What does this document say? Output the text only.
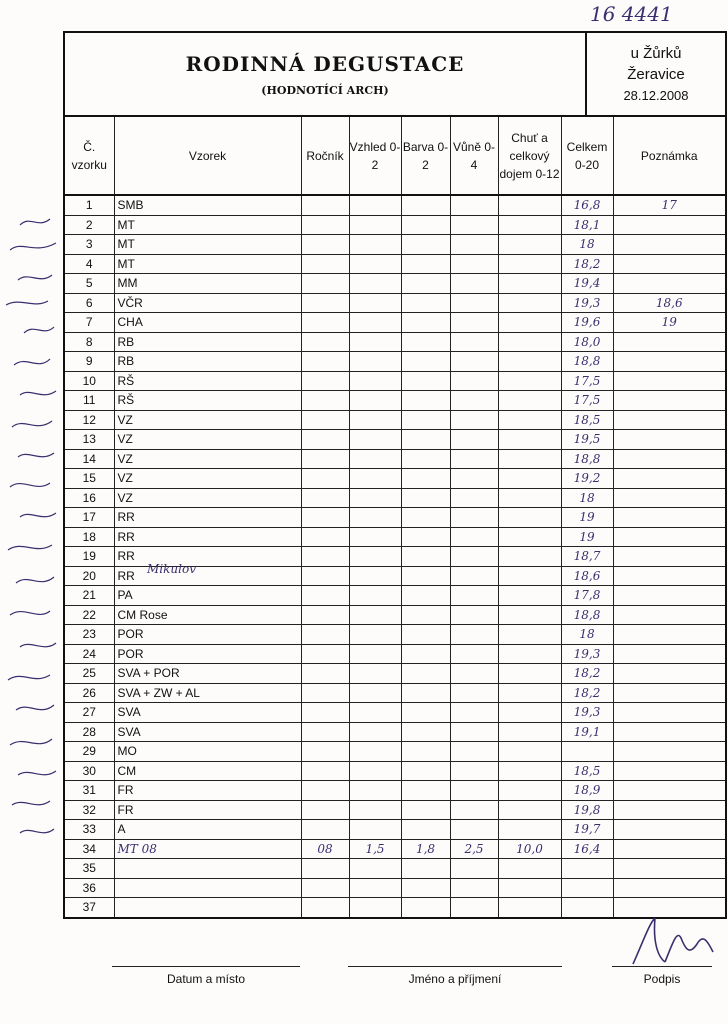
16 4441
RODINNÁ DEGUSTACE
(HODNOTÍCÍ ARCH)
u Žůrků
Žeravice
28.12.2008
Č. vzorku	Vzorek	Ročník	Vzhled 0-2	Barva 0-2	Vůně 0-4	Chuť a celkový dojem 0-12	Celkem 0-20	Poznámka
1	SMB						16,8	17
2	MT						18,1	
3	MT						18	
4	MT						18,2	
5	MM						19,4	
6	VČR						19,3	18,6
7	CHA						19,6	19
8	RB						18,0	
9	RB						18,8	
10	RŠ						17,5	
11	RŠ						17,5	
12	VZ						18,5	
13	VZ						19,5	
14	VZ						18,8	
15	VZ						19,2	
16	VZ						18	
17	RR						19	
18	RR						19	
19	RR						18,7	
20	RR						18,6	
21	PA						17,8	
22	CM Rose						18,8	
23	POR						18	
24	POR						19,3	
25	SVA + POR						18,2	
26	SVA + ZW + AL						18,2	
27	SVA						19,3	
28	SVA						19,1	
29	MO							
30	CM						18,5	
31	FR						18,9	
32	FR						19,8	
33	A						19,7	
34	MT 08	08	1,5	1,8	2,5	10,0	16,4	
35								
36								
37								
Mikulov
Datum a místo	Jméno a příjmení	Podpis
